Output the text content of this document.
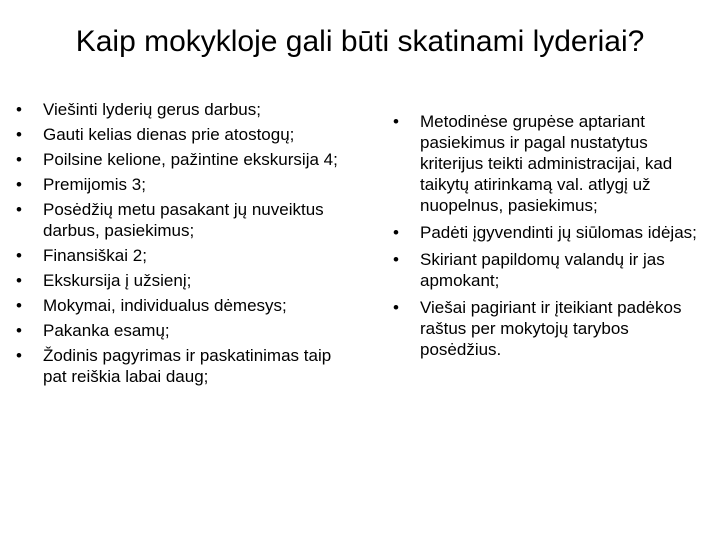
Kaip mokykloje gali būti skatinami lyderiai?
• Viešinti lyderių gerus darbus;
• Gauti kelias dienas prie atostogų;
• Poilsine kelione, pažintine ekskursija 4;
• Premijomis 3;
• Posėdžių metu pasakant jų nuveiktus darbus, pasiekimus;
• Finansiškai 2;
• Ekskursija į užsienį;
• Mokymai, individualus dėmesys;
• Pakanka esamų;
• Žodinis pagyrimas ir paskatinimas taip pat reiškia labai daug;
• Metodinėse grupėse aptariant pasiekimus ir pagal nustatytus kriterijus teikti administracijai, kad taikytų atirinkamą val. atlygį už nuopelnus, pasiekimus;
• Padėti įgyvendinti jų siūlomas idėjas;
• Skiriant papildomų valandų ir jas apmokant;
• Viešai pagiriant ir įteikiant padėkos raštus per mokytojų tarybos posėdžius.
